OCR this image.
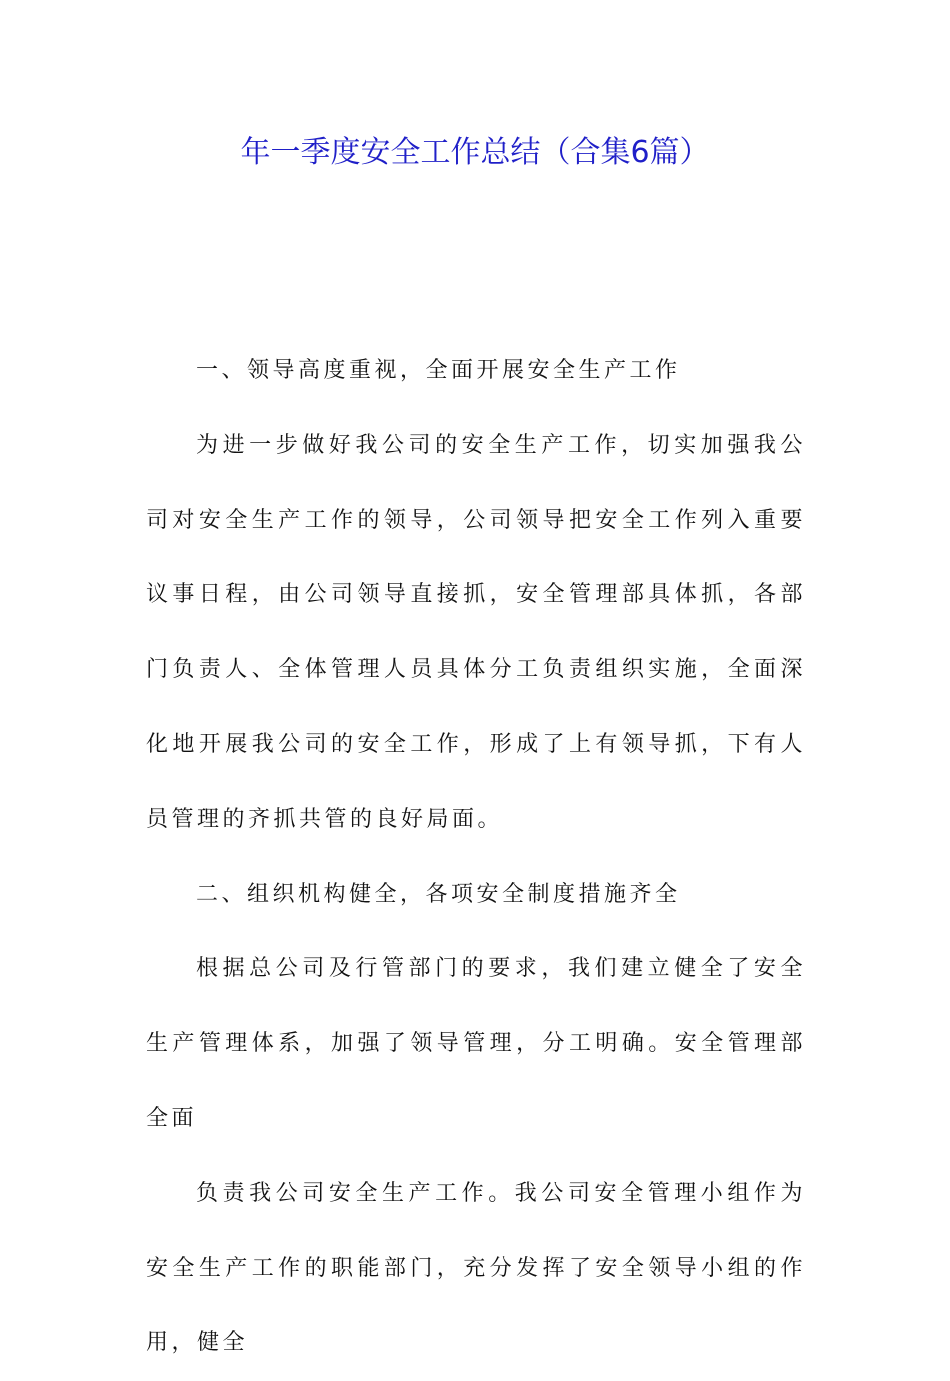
年一季度安全工作总结（合集6篇）

一、领导高度重视，全面开展安全生产工作

为进一步做好我公司的安全生产工作，切实加强我公司对安全生产工作的领导，公司领导把安全工作列入重要议事日程，由公司领导直接抓，安全管理部具体抓，各部门负责人、全体管理人员具体分工负责组织实施，全面深化地开展我公司的安全工作，形成了上有领导抓，下有人员管理的齐抓共管的良好局面。

二、组织机构健全，各项安全制度措施齐全

根据总公司及行管部门的要求，我们建立健全了安全生产管理体系，加强了领导管理，分工明确。安全管理部全面

负责我公司安全生产工作。我公司安全管理小组作为安全生产工作的职能部门，充分发挥了安全领导小组的作用，健全
